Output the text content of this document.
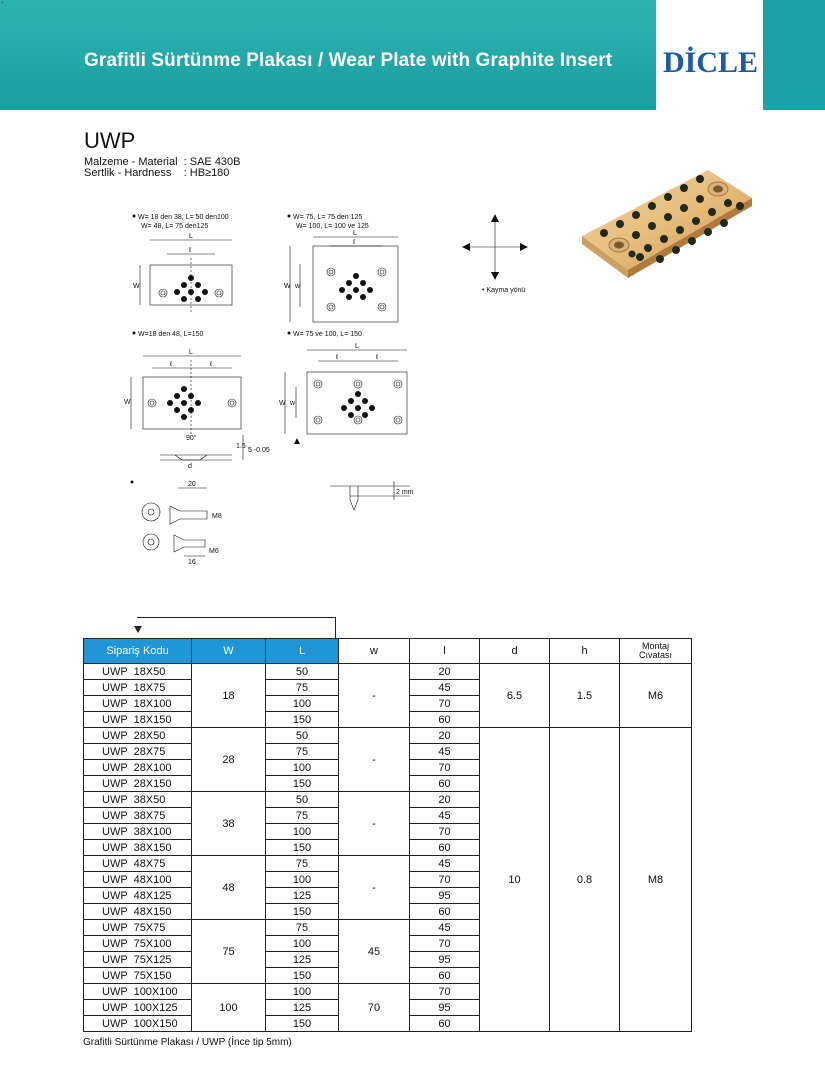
Grafitli Sürtünme Plakası / Wear Plate with Graphite Insert DİCLE
UWP
Malzeme - Material  : SAE 430B
Sertlik - Hardness    : HB≥180
W= 18 den 38, L= 50 den100
W= 48, L= 75 den125
W= 75, L= 75 den 125
W= 100, L= 100 ve 125
W=18 den 48, L=150	W= 75 ve 100, L= 150
L
ℓ
W
L
ℓ
W w
L
ℓ	ℓ
W
90°
d
1.5
5 -0.05
L
ℓ	ℓ
W w
20
M8
16
M6
2 mm
• Kayma yönü
Sipariş Kodu	W	L	w	l	d	h	Montaj
Cıvatası

UWP  18X50	18	50	-	20	6.5	1.5	M6
UWP  18X75		75		45			
UWP  18X100		100		70			
UWP  18X150		150		60			
UWP  28X50	28	50	-	20	10	0.8	M8
UWP  28X75		75		45			
UWP  28X100		100		70			
UWP  28X150		150		60			
UWP  38X50	38	50	-	20			
UWP  38X75		75		45			
UWP  38X100		100		70			
UWP  38X150		150		60			
UWP  48X75	48	75	-	45			
UWP  48X100		100		70			
UWP  48X125		125		95			
UWP  48X150		150		60			
UWP  75X75	75	75	45	45			
UWP  75X100		100		70			
UWP  75X125		125		95			
UWP  75X150		150		60			
UWP  100X100	100	100	70	70			
UWP  100X125		125		95			
UWP  100X150		150		60			
Grafitli Sürtünme Plakası / UWP (İnce tip 5mm)
